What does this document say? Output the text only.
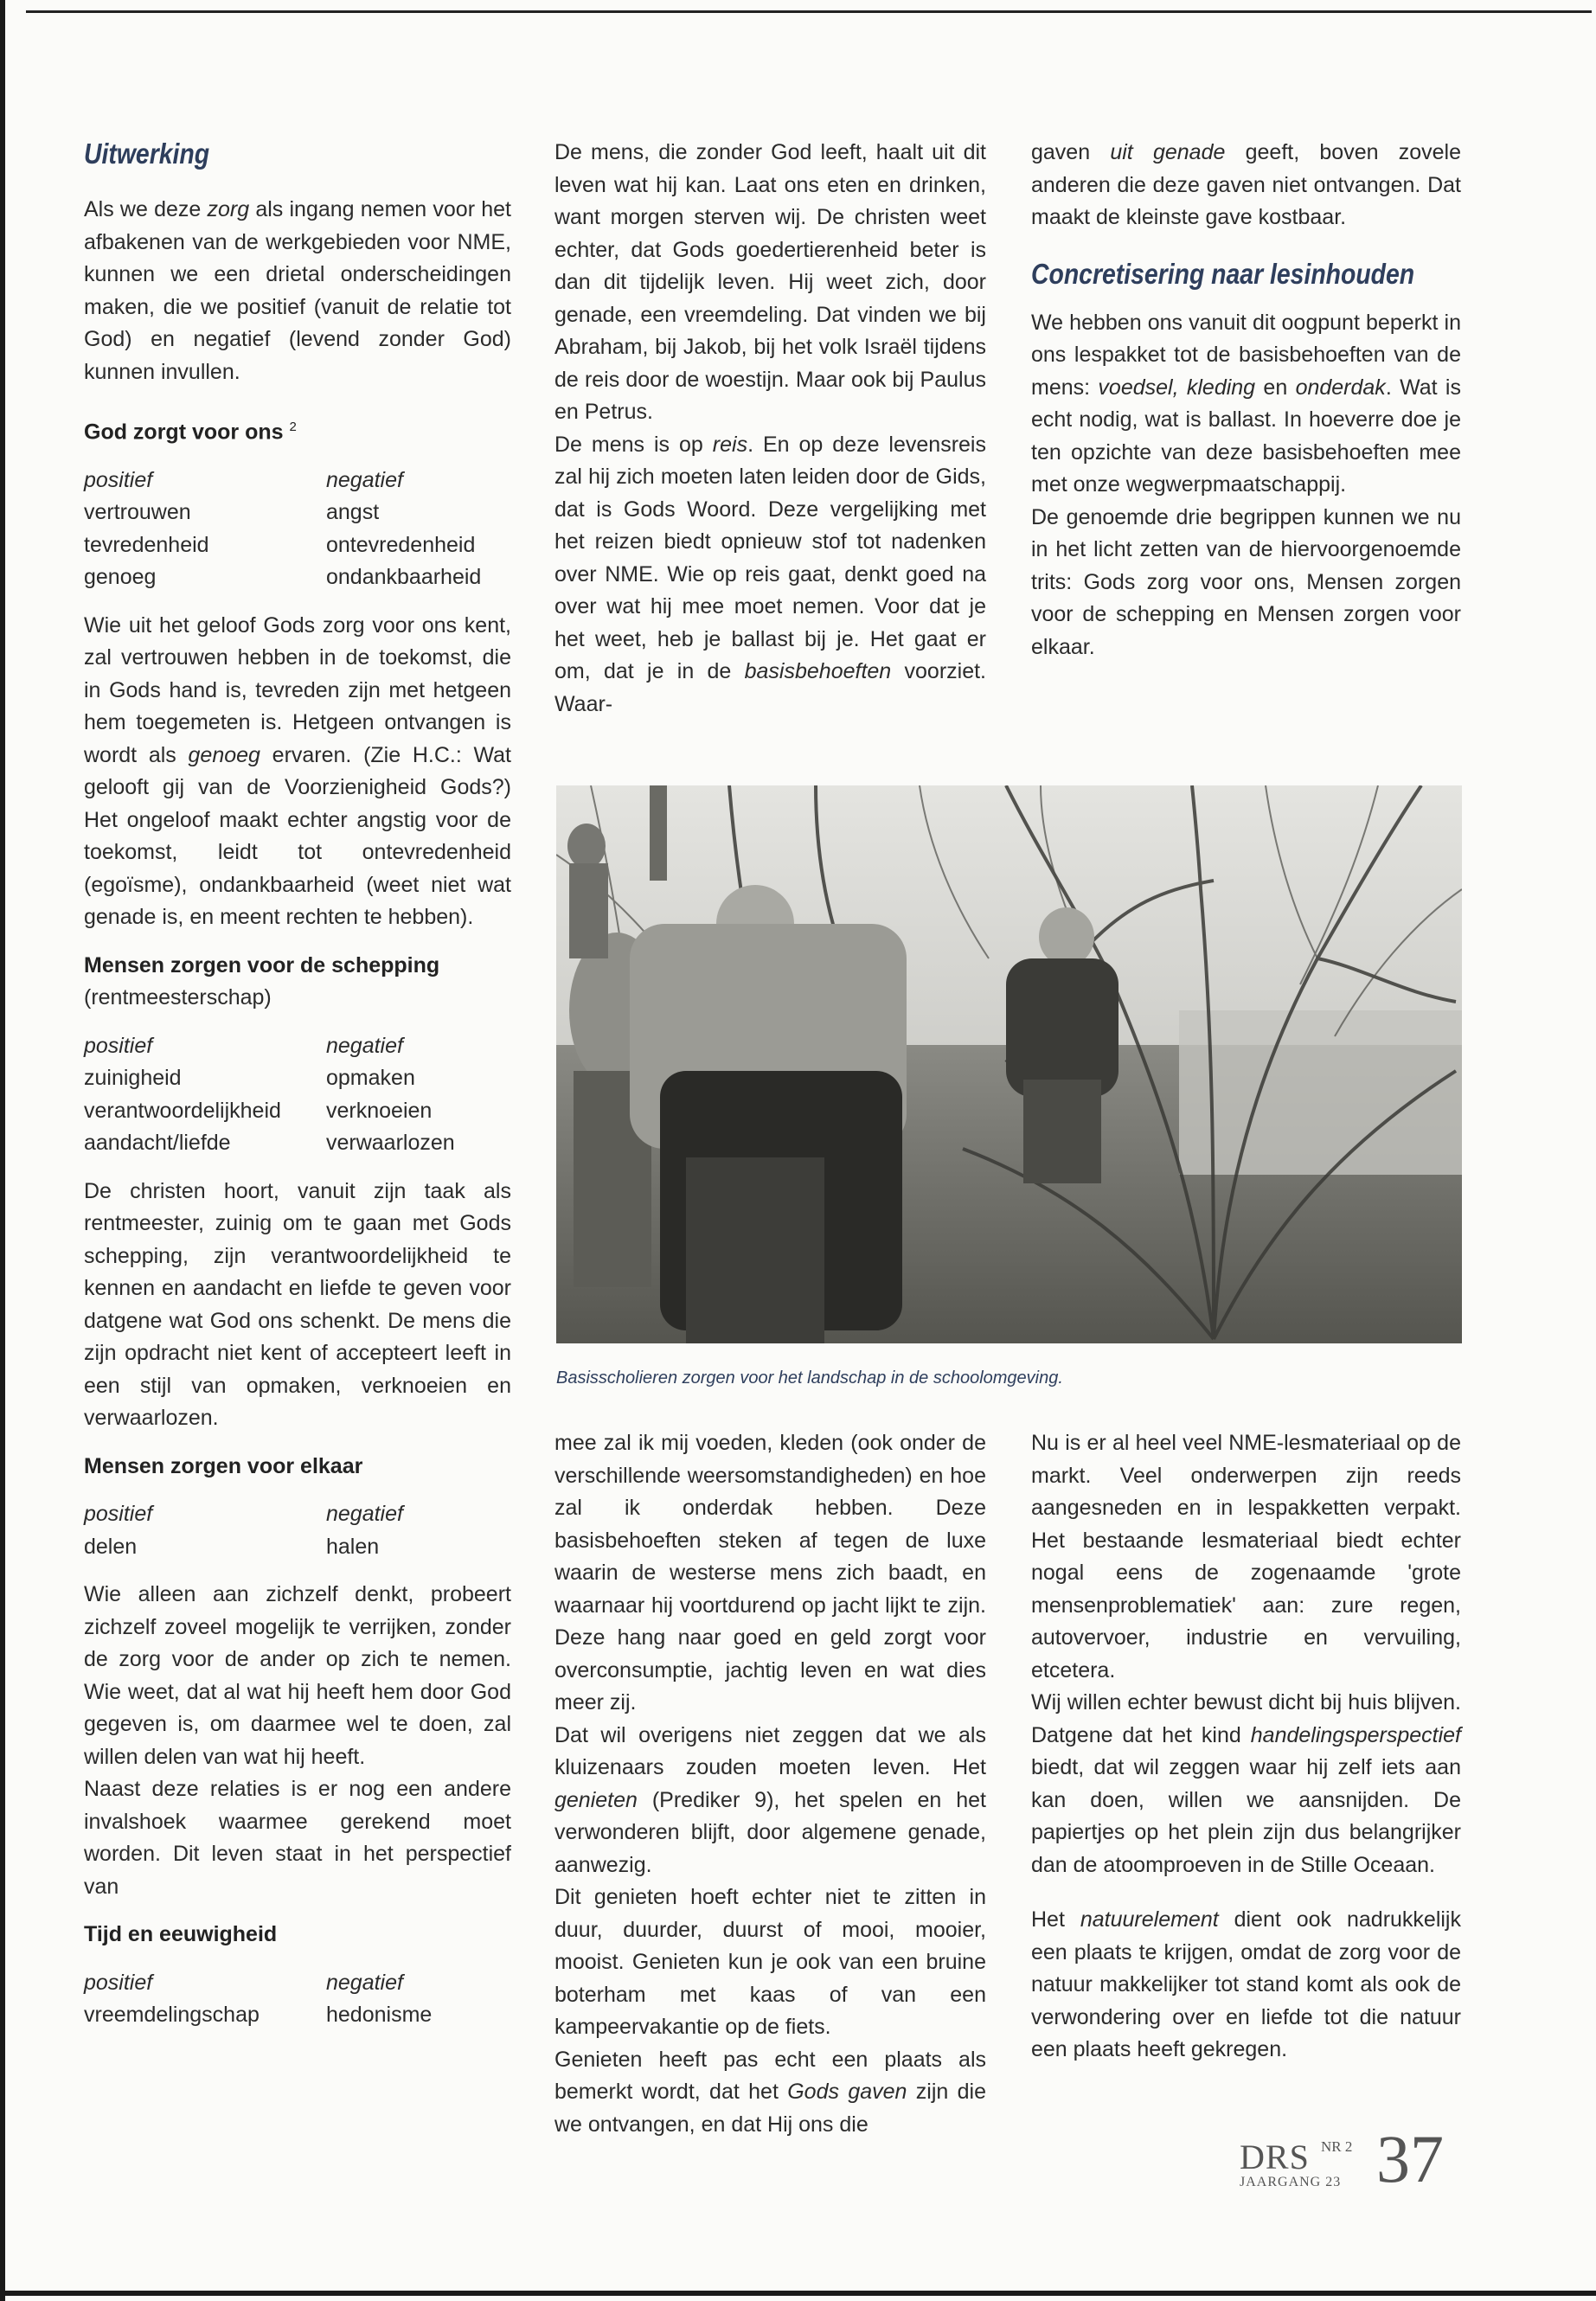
Uitwerking

Als we deze zorg als ingang nemen voor het afbakenen van de werkgebieden voor NME, kunnen we een drietal onderscheidingen maken, die we positief (vanuit de relatie tot God) en negatief (levend zonder God) kunnen invullen.

God zorgt voor ons $^2$
positief	negatief
vertrouwen	angst
tevredenheid	ontevredenheid
genoeg	ondankbaarheid

Wie uit het geloof Gods zorg voor ons kent, zal vertrouwen hebben in de toekomst, die in Gods hand is, tevreden zijn met hetgeen hem toegemeten is. Hetgeen ontvangen is wordt als genoeg ervaren. (Zie H.C.: Wat gelooft gij van de Voorzienigheid Gods?) Het ongeloof maakt echter angstig voor de toekomst, leidt tot ontevredenheid (egoïsme), ondankbaarheid (weet niet wat genade is, en meent rechten te hebben).

Mensen zorgen voor de schepping

(rentmeesterschap)

positief	negatief
zuinigheid	opmaken
verantwoordelijkheid	verknoeien
aandacht/liefde	verwaarlozen

De christen hoort, vanuit zijn taak als rentmeester, zuinig om te gaan met Gods schepping, zijn verantwoordelijkheid te kennen en aandacht en liefde te geven voor datgene wat God ons schenkt. De mens die zijn opdracht niet kent of accepteert leeft in een stijl van opmaken, verknoeien en verwaarlozen.

Mensen zorgen voor elkaar
positief	negatief
delen	halen

Wie alleen aan zichzelf denkt, probeert zichzelf zoveel mogelijk te verrijken, zonder de zorg voor de ander op zich te nemen. Wie weet, dat al wat hij heeft hem door God gegeven is, om daarmee wel te doen, zal willen delen van wat hij heeft.

Naast deze relaties is er nog een andere invalshoek waarmee gerekend moet worden. Dit leven staat in het perspectief van

Tijd en eeuwigheid
positief	negatief
vreemdelingschap	hedonisme

De mens, die zonder God leeft, haalt uit dit leven wat hij kan. Laat ons eten en drinken, want morgen sterven wij. De christen weet echter, dat Gods goedertierenheid beter is dan dit tijdelijk leven. Hij weet zich, door genade, een vreemdeling. Dat vinden we bij Abraham, bij Jakob, bij het volk Israël tijdens de reis door de woestijn. Maar ook bij Paulus en Petrus.

De mens is op reis. En op deze levensreis zal hij zich moeten laten leiden door de Gids, dat is Gods Woord. Deze vergelijking met het reizen biedt opnieuw stof tot nadenken over NME. Wie op reis gaat, denkt goed na over wat hij mee moet nemen. Voor dat je het weet, heb je ballast bij je. Het gaat er om, dat je in de basisbehoeften voorziet. Waar-

gaven uit genade geeft, boven zovele anderen die deze gaven niet ontvangen. Dat maakt de kleinste gave kostbaar.

Concretisering naar lesinhouden

We hebben ons vanuit dit oogpunt beperkt in ons lespakket tot de basisbehoeften van de mens: voedsel, kleding en onderdak. Wat is echt nodig, wat is ballast. In hoeverre doe je ten opzichte van deze basisbehoeften mee met onze wegwerpmaatschappij.

De genoemde drie begrippen kunnen we nu in het licht zetten van de hiervoorgenoemde trits: Gods zorg voor ons, Mensen zorgen voor de schepping en Mensen zorgen voor elkaar.

Basisscholieren zorgen voor het landschap in de schoolomgeving.

mee zal ik mij voeden, kleden (ook onder de verschillende weersomstandigheden) en hoe zal ik onderdak hebben. Deze basisbehoeften steken af tegen de luxe waarin de westerse mens zich baadt, en waarnaar hij voortdurend op jacht lijkt te zijn. Deze hang naar goed en geld zorgt voor overconsumptie, jachtig leven en wat dies meer zij.

Dat wil overigens niet zeggen dat we als kluizenaars zouden moeten leven. Het genieten (Prediker 9), het spelen en het verwonderen blijft, door algemene genade, aanwezig.

Dit genieten hoeft echter niet te zitten in duur, duurder, duurst of mooi, mooier, mooist. Genieten kun je ook van een bruine boterham met kaas of van een kampeervakantie op de fiets.

Genieten heeft pas echt een plaats als bemerkt wordt, dat het Gods gaven zijn die we ontvangen, en dat Hij ons die

Nu is er al heel veel NME-lesmateriaal op de markt. Veel onderwerpen zijn reeds aangesneden en in lespakketten verpakt. Het bestaande lesmateriaal biedt echter nogal eens de zogenaamde 'grote mensenproblematiek' aan: zure regen, autovervoer, industrie en vervuiling, etcetera.

Wij willen echter bewust dicht bij huis blijven. Datgene dat het kind handelingsperspectief biedt, dat wil zeggen waar hij zelf iets aan kan doen, willen we aansnijden. De papiertjes op het plein zijn dus belangrijker dan de atoomproeven in de Stille Oceaan.

Het natuurelement dient ook nadrukkelijk een plaats te krijgen, omdat de zorg voor de natuur makkelijker tot stand komt als ook de verwondering over en liefde tot die natuur een plaats heeft gekregen.

DRS NR 2
JAARGANG 23 37
